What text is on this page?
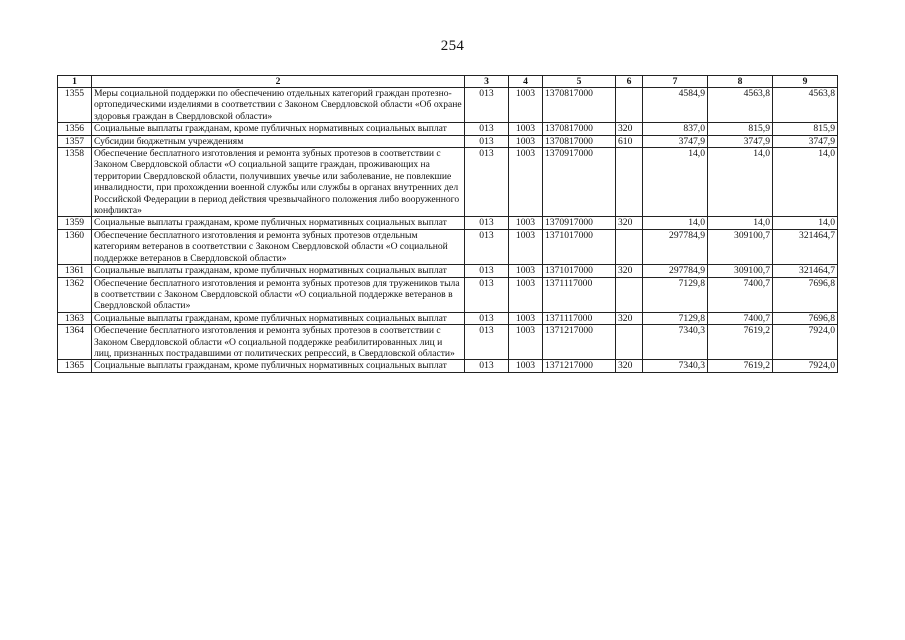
254
1	2	3	4	5	6	7	8	9
1355	Меры социальной поддержки по обеспечению отдельных категорий граждан протезно-ортопедическими изделиями в соответствии с Законом Свердловской области «Об охране здоровья граждан в Свердловской области»	013	1003	1370817000		4584,9	4563,8	4563,8
1356	Социальные выплаты гражданам, кроме публичных нормативных социальных выплат	013	1003	1370817000	320	837,0	815,9	815,9
1357	Субсидии бюджетным учреждениям	013	1003	1370817000	610	3747,9	3747,9	3747,9
1358	Обеспечение бесплатного изготовления и ремонта зубных протезов в соответствии с Законом Свердловской области «О социальной защите граждан, проживающих на территории Свердловской области, получивших увечье или заболевание, не повлекшие инвалидности, при прохождении военной службы или службы в органах внутренних дел Российской Федерации в период действия чрезвычайного положения либо вооруженного конфликта»	013	1003	1370917000		14,0	14,0	14,0
1359	Социальные выплаты гражданам, кроме публичных нормативных социальных выплат	013	1003	1370917000	320	14,0	14,0	14,0
1360	Обеспечение бесплатного изготовления и ремонта зубных протезов отдельным категориям ветеранов в соответствии с Законом Свердловской области «О социальной поддержке ветеранов в Свердловской области»	013	1003	1371017000		297784,9	309100,7	321464,7
1361	Социальные выплаты гражданам, кроме публичных нормативных социальных выплат	013	1003	1371017000	320	297784,9	309100,7	321464,7
1362	Обеспечение бесплатного изготовления и ремонта зубных протезов для тружеников тыла в соответствии с Законом Свердловской области «О социальной поддержке ветеранов в Свердловской области»	013	1003	1371117000		7129,8	7400,7	7696,8
1363	Социальные выплаты гражданам, кроме публичных нормативных социальных выплат	013	1003	1371117000	320	7129,8	7400,7	7696,8
1364	Обеспечение бесплатного изготовления и ремонта зубных протезов в соответствии с Законом Свердловской области «О социальной поддержке реабилитированных лиц и лиц, признанных пострадавшими от политических репрессий, в Свердловской области»	013	1003	1371217000		7340,3	7619,2	7924,0
1365	Социальные выплаты гражданам, кроме публичных нормативных социальных выплат	013	1003	1371217000	320	7340,3	7619,2	7924,0
